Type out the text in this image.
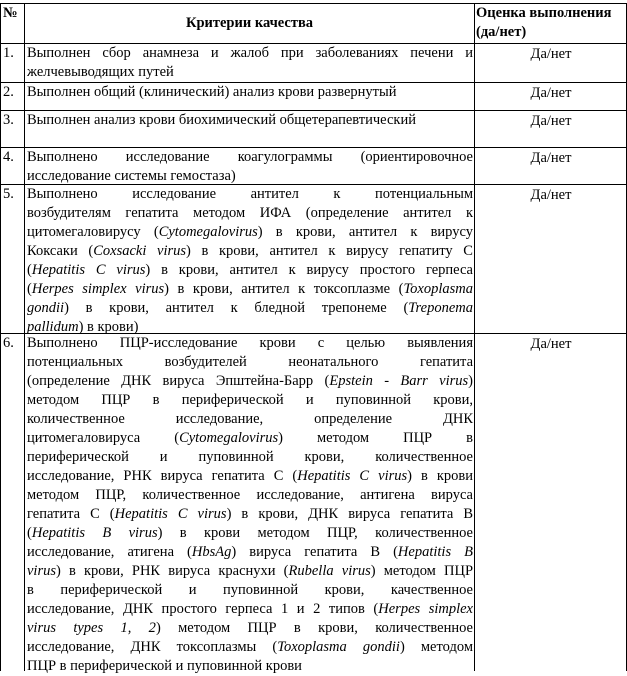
№
Критерии качества
Оценка выполнения
(да/нет)
1. Выполнен сбор анамнеза и жалоб при заболеваниях печени и
желчевыводящих путей
Да/нет
2. Выполнен общий (клинический) анализ крови развернутый	Да/нет
3. Выполнен анализ крови биохимический общетерапевтический	Да/нет
4. Выполнено исследование коагулограммы (ориентировочное
исследование системы гемостаза)
Да/нет
5. Выполнено исследование антител к потенциальным
возбудителям гепатита методом ИФА (определение антител к
цитомегаловирусу (Cytomegalovirus) в крови, антител к вирусу
Коксаки (Coxsacki virus) в крови, антител к вирусу гепатиту С
(Hepatitis C virus) в крови, антител к вирусу простого герпеса
(Herpes simplex virus) в крови, антител к токсоплазме (Toxoplasma
gondii) в крови, антител к бледной трепонеме (Treponema
pallidum) в крови)
Да/нет
6. Выполнено ПЦР-исследование крови с целью выявления
потенциальных возбудителей неонатального гепатита
(определение ДНК вируса Эпштейна-Барр (Epstein - Barr virus)
методом ПЦР в периферической и пуповинной крови,
количественное исследование, определение ДНК
цитомегаловируса (Cytomegalovirus) методом ПЦР в
периферической и пуповинной крови, количественное
исследование, РНК вируса гепатита С (Hepatitis C virus) в крови
методом ПЦР, количественное исследование, антигена вируса
гепатита С (Hepatitis C virus) в крови, ДНК вируса гепатита В
(Hepatitis B virus) в крови методом ПЦР, количественное
исследование, атигена (HbsAg) вируса гепатита В (Hepatitis B
virus) в крови, РНК вируса краснухи (Rubella virus) методом ПЦР
в периферической и пуповинной крови, качественное
исследование, ДНК простого герпеса 1 и 2 типов (Herpes simplex
virus types 1, 2) методом ПЦР в крови, количественное
исследование, ДНК токсоплазмы (Toxoplasma gondii) методом
ПЦР в периферической и пуповинной крови
Да/нет
